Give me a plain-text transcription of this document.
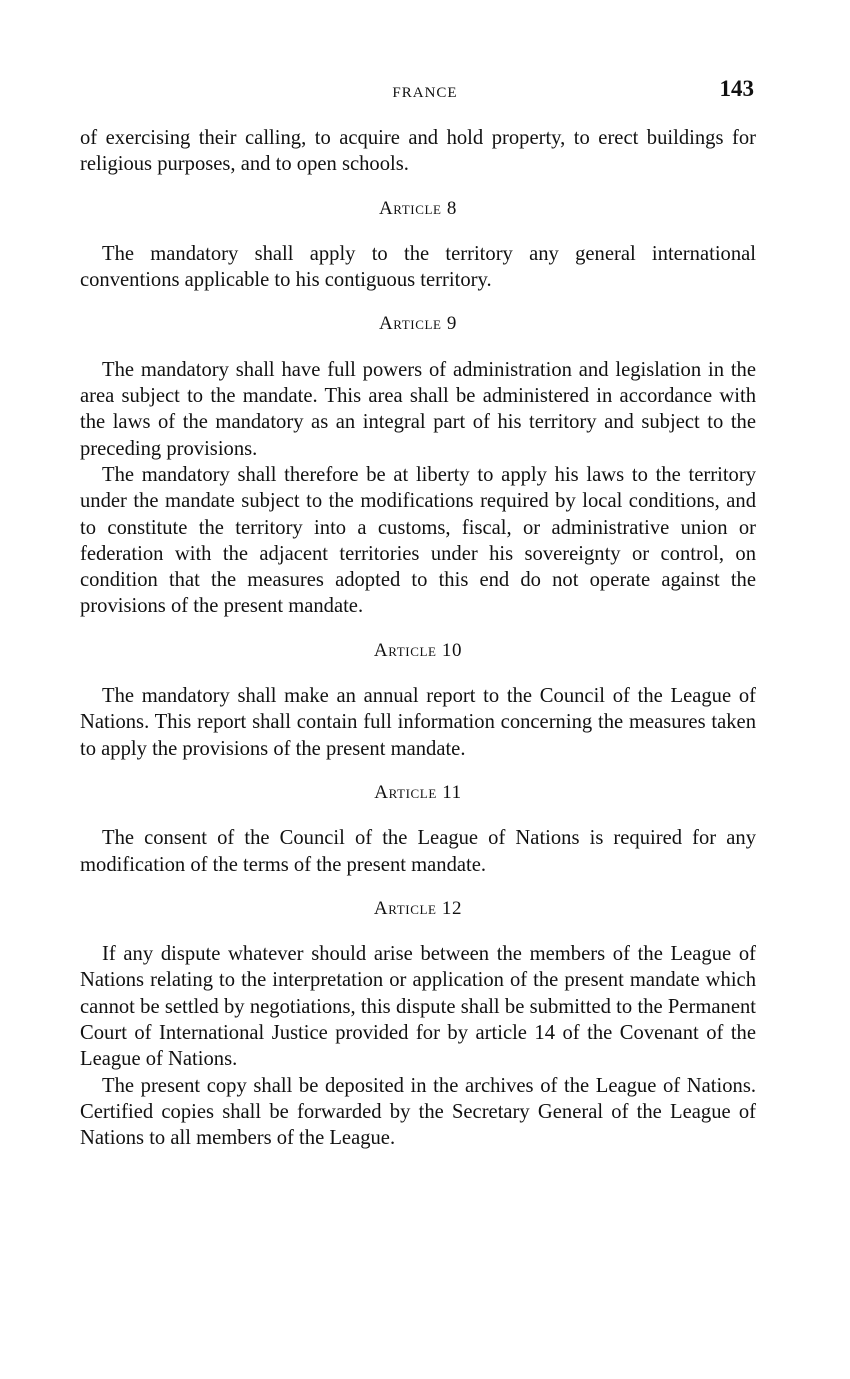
FRANCE	143

of exercising their calling, to acquire and hold property, to erect buildings for religious purposes, and to open schools.

Article 8

The mandatory shall apply to the territory any general international conventions applicable to his contiguous territory.

Article 9

The mandatory shall have full powers of administration and legislation in the area subject to the mandate. This area shall be administered in accordance with the laws of the mandatory as an integral part of his territory and subject to the preceding provisions.

The mandatory shall therefore be at liberty to apply his laws to the territory under the mandate subject to the modifications required by local conditions, and to constitute the territory into a customs, fiscal, or administrative union or federation with the adjacent territories under his sovereignty or control, on condition that the measures adopted to this end do not operate against the provisions of the present mandate.

Article 10

The mandatory shall make an annual report to the Council of the League of Nations. This report shall contain full information concerning the measures taken to apply the provisions of the present mandate.

Article 11

The consent of the Council of the League of Nations is required for any modification of the terms of the present mandate.

Article 12

If any dispute whatever should arise between the members of the League of Nations relating to the interpretation or application of the present mandate which cannot be settled by negotiations, this dispute shall be submitted to the Permanent Court of International Justice provided for by article 14 of the Covenant of the League of Nations.

The present copy shall be deposited in the archives of the League of Nations. Certified copies shall be forwarded by the Secretary General of the League of Nations to all members of the League.
